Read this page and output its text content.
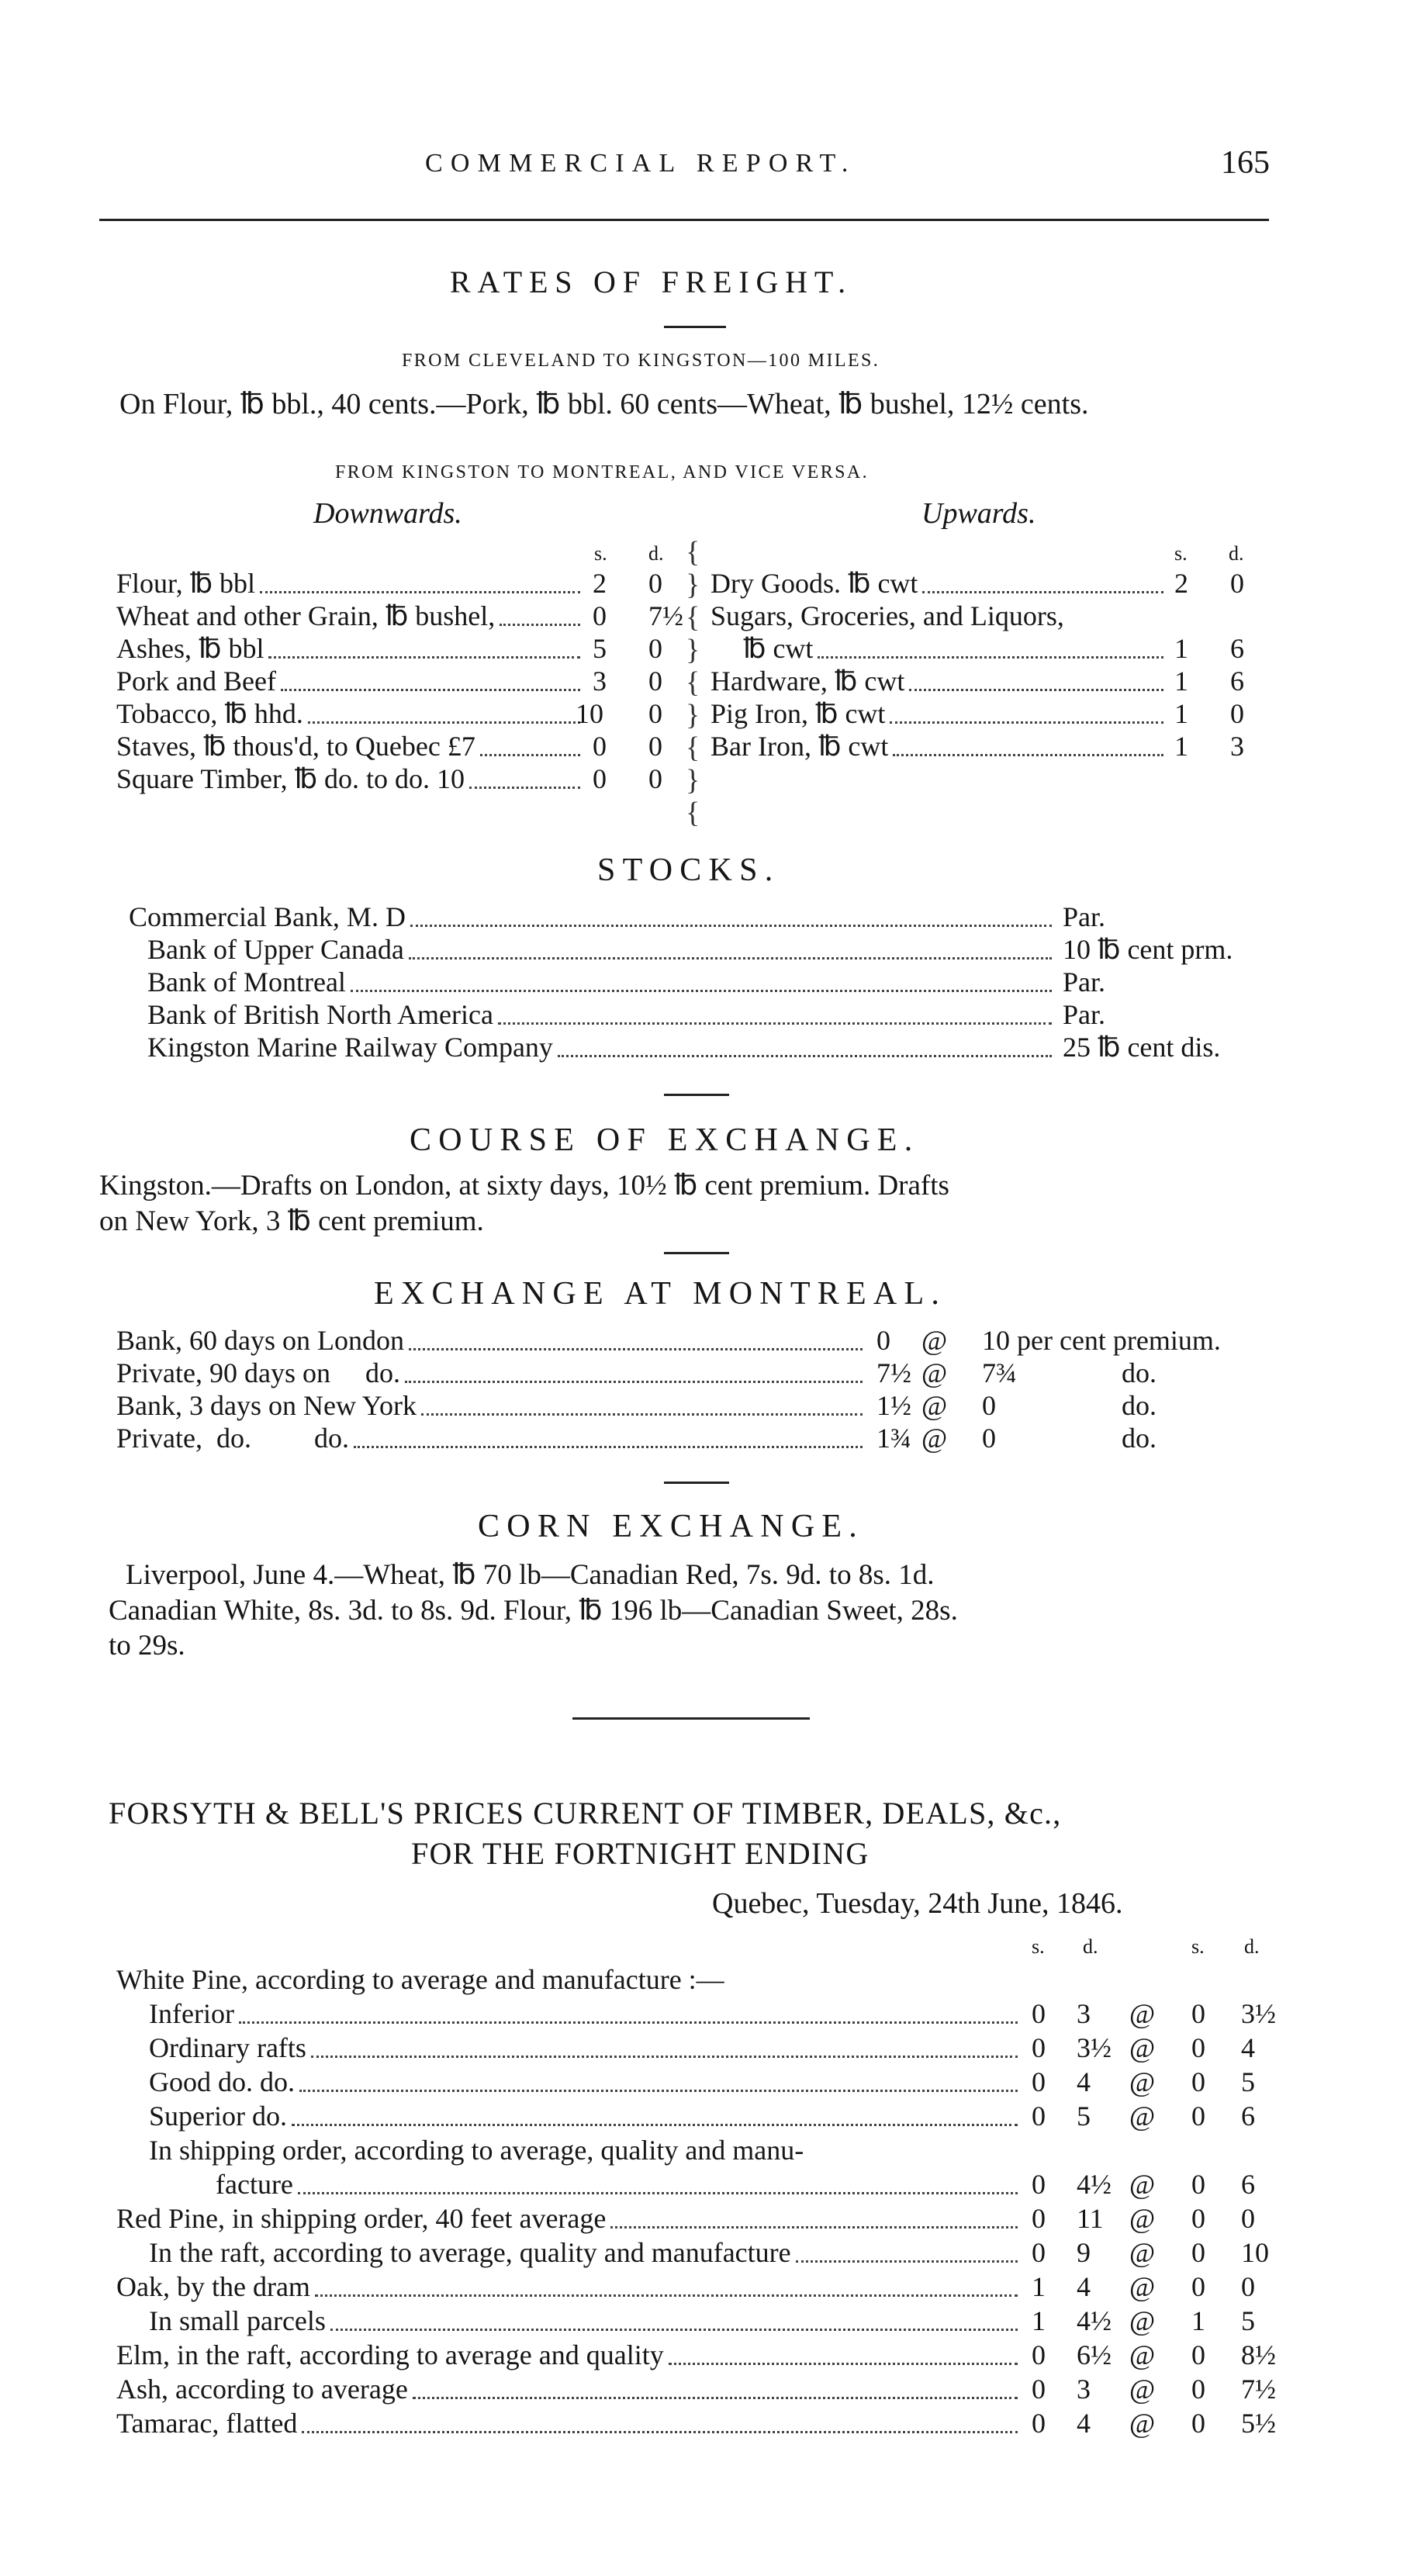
COMMERCIAL REPORT.	165
RATES OF FREIGHT.
FROM CLEVELAND TO KINGSTON—100 MILES.
On Flour, ℔ bbl., 40 cents.—Pork, ℔ bbl. 60 cents—Wheat, ℔ bushel, 12½ cents.
FROM KINGSTON TO MONTREAL, AND VICE VERSA.
Downwards.	Upwards.
s. d.	s. d.
Flour, ℔ bbl	2 0
Wheat and other Grain, ℔ bushel,	0 7½
Ashes, ℔ bbl	5 0
Pork and Beef	3 0
Tobacco, ℔ hhd.	10 0
Staves, ℔ thous'd, to Quebec £7	0 0
Square Timber, ℔ do. to do. 10	0 0
Dry Goods. ℔ cwt	2 0
Sugars, Groceries, and Liquors,
℔ cwt	1 6
Hardware, ℔ cwt	1 6
Pig Iron, ℔ cwt	1 0
Bar Iron, ℔ cwt	1 3
{
}
{
}
{
}
{
}
{
STOCKS.
Commercial Bank, M. D	Par.
Bank of Upper Canada	10 ℔ cent prm.
Bank of Montreal	Par.
Bank of British North America	Par.
Kingston Marine Railway Company	25 ℔ cent dis.
COURSE OF EXCHANGE.
Kingston.—Drafts on London, at sixty days, 10½ ℔ cent premium. Drafts
on New York, 3 ℔ cent premium.
EXCHANGE AT MONTREAL.
Bank, 60 days on London	0 @ 10 per cent premium.
Private, 90 days on     do.	7½ @ 7¾	do.
Bank, 3 days on New York	1½ @ 0	do.
Private,  do.         do.	1¾ @ 0	do.
CORN EXCHANGE.
Liverpool, June 4.—Wheat, ℔ 70 lb—Canadian Red, 7s. 9d. to 8s. 1d.
Canadian White, 8s. 3d. to 8s. 9d. Flour, ℔ 196 lb—Canadian Sweet, 28s.
to 29s.
FORSYTH & BELL'S PRICES CURRENT OF TIMBER, DEALS, &c.,
FOR THE FORTNIGHT ENDING
Quebec, Tuesday, 24th June, 1846.
s. d.	s. d.
White Pine, according to average and manufacture :—
Inferior	0 3 @ 0 3½
Ordinary rafts	0 3½ @ 0 4
Good do. do.	0 4 @ 0 5
Superior do.	0 5 @ 0 6
In shipping order, according to average, quality and manu-
facture	0 4½ @ 0 6
Red Pine, in shipping order, 40 feet average	0 11 @ 0 0
In the raft, according to average, quality and manufacture	0 9 @ 0 10
Oak, by the dram	1 4 @ 0 0
In small parcels	1 4½ @ 1 5
Elm, in the raft, according to average and quality	0 6½ @ 0 8½
Ash, according to average	0 3 @ 0 7½
Tamarac, flatted	0 4 @ 0 5½
